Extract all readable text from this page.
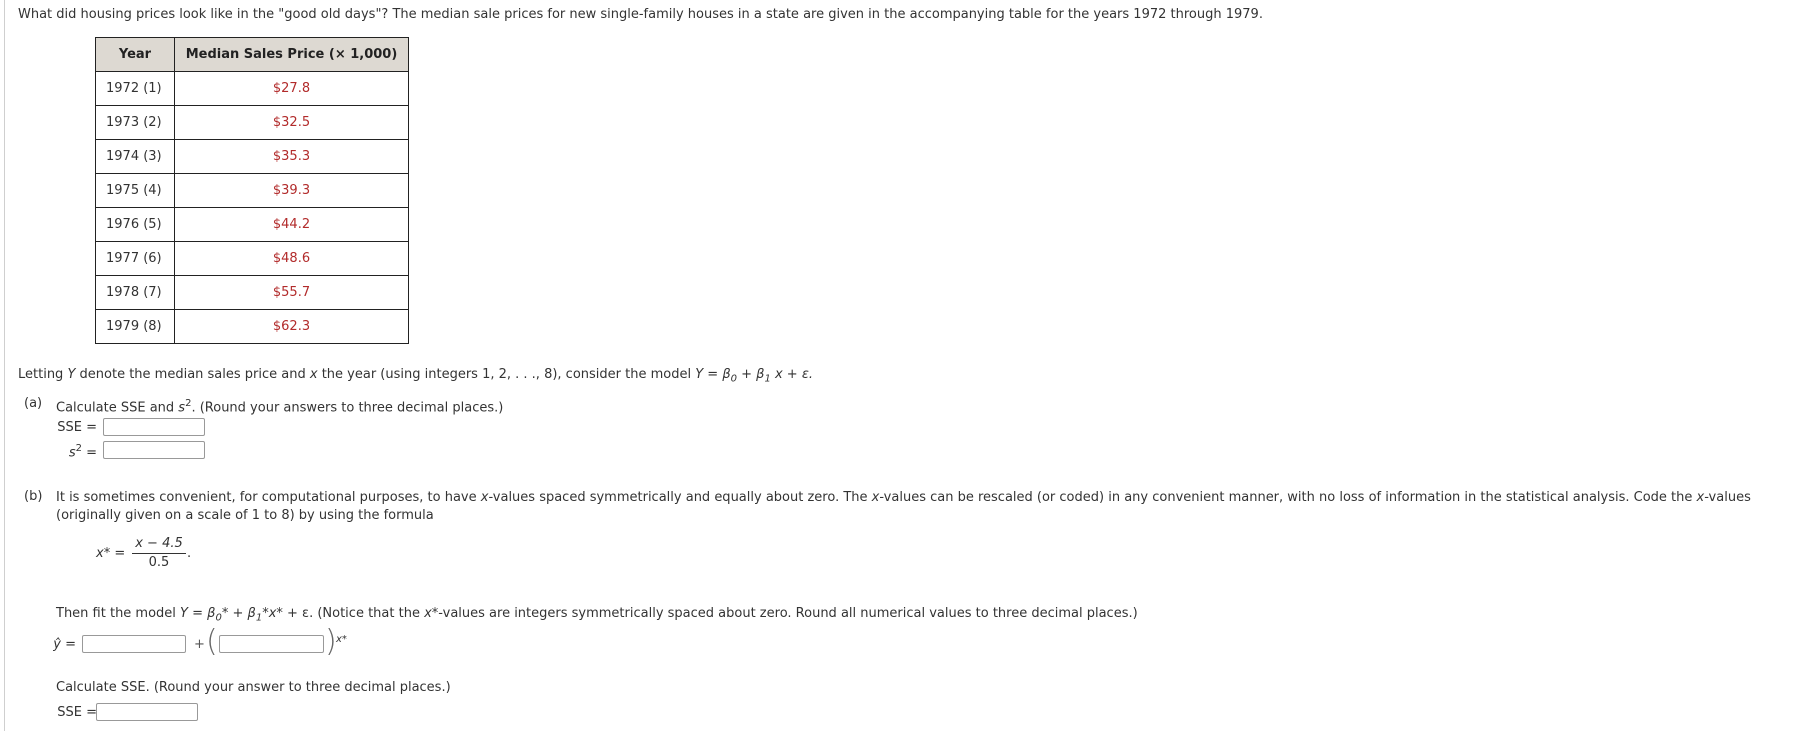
What did housing prices look like in the "good old days"? The median sale prices for new single-family houses in a state are given in the accompanying table for the years 1972 through 1979.

Year	Median Sales Price (× 1,000)
1972 (1)	$27.8
1973 (2)	$32.5
1974 (3)	$35.3
1975 (4)	$39.3
1976 (5)	$44.2
1977 (6)	$48.6
1978 (7)	$55.7
1979 (8)	$62.3

Letting Y denote the median sales price and x the year (using integers 1, 2, . . ., 8), consider the model $Y = \beta_0 + \beta_1$ x + ε.

(a)	Calculate SSE and $s^2$. (Round your answers to three decimal places.)

SSE =
$s^2$ =
(b)	It is sometimes convenient, for computational purposes, to have x-values spaced symmetrically and equally about zero. The x-values can be rescaled (or coded) in any convenient manner, with no loss of information in the statistical analysis. Code the x-values

(originally given on a scale of 1 to 8) by using the formula

$x* = \frac{x - 4.5}{0.5}$ .

Then fit the model $Y = \beta_0* + \beta_1*x* + \varepsilon$. (Notice that the x*-values are integers symmetrically spaced about zero. Round all numerical values to three decimal places.)

ŷ =	+ (	) x*

Calculate SSE. (Round your answer to three decimal places.)

SSE =
